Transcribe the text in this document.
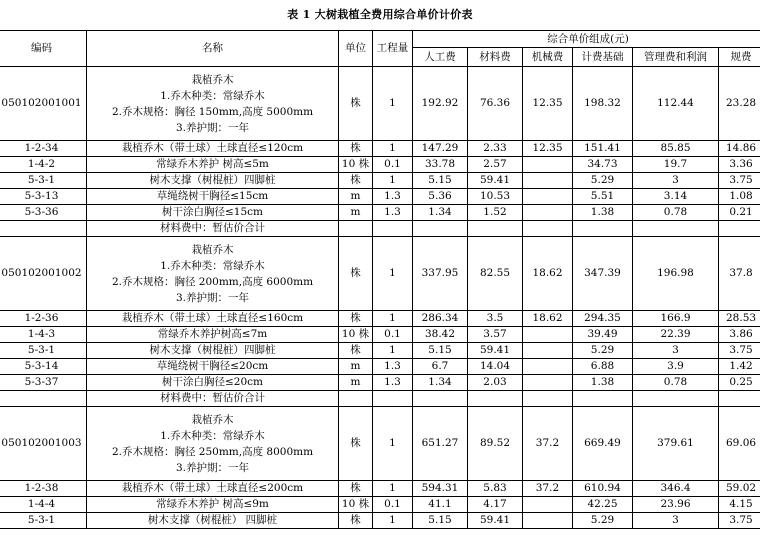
表 1 大树栽植全费用综合单价计价表
编码	名称	单位	工程量	综合单价组成(元)					
				人工费	材料费	机械费	计费基础	管理费和利润	规费
050102001001	栽植乔木
1.乔木种类：常绿乔木
2.乔木规格：胸径 150mm,高度 5000mm
3.养护期：一年	株	1	192.92	76.36	12.35	198.32	112.44	23.28
1-2-34	栽植乔木（带土球）土球直径≤120cm	株	1	147.29	2.33	12.35	151.41	85.85	14.86
1-4-2	常绿乔木养护 树高≤5m	10 株	0.1	33.78	2.57		34.73	19.7	3.36
5-3-1	树木支撑（树棍桩）四脚桩	株	1	5.15	59.41		5.29	3	3.75
5-3-13	草绳绕树干胸径≤15cm	m	1.3	5.36	10.53		5.51	3.14	1.08
5-3-36	树干涂白胸径≤15cm	m	1.3	1.34	1.52		1.38	0.78	0.21
	材料费中：暂估价合计								
050102001002	栽植乔木
1.乔木种类：常绿乔木
2.乔木规格：胸径 200mm,高度 6000mm
3.养护期：一年	株	1	337.95	82.55	18.62	347.39	196.98	37.8
1-2-36	栽植乔木（带土球）土球直径≤160cm	株	1	286.34	3.5	18.62	294.35	166.9	28.53
1-4-3	常绿乔木养护树高≤7m	10 株	0.1	38.42	3.57		39.49	22.39	3.86
5-3-1	树木支撑（树棍桩）四脚桩	株	1	5.15	59.41		5.29	3	3.75
5-3-14	草绳绕树干胸径≤20cm	m	1.3	6.7	14.04		6.88	3.9	1.42
5-3-37	树干涂白胸径≤20cm	m	1.3	1.34	2.03		1.38	0.78	0.25
	材料费中：暂估价合计								
050102001003	栽植乔木
1.乔木种类：常绿乔木
2.乔木规格：胸径 250mm,高度 8000mm
3.养护期：一年	株	1	651.27	89.52	37.2	669.49	379.61	69.06
1-2-38	栽植乔木（带土球）土球直径≤200cm	株	1	594.31	5.83	37.2	610.94	346.4	59.02
1-4-4	常绿乔木养护 树高≤9m	10 株	0.1	41.1	4.17		42.25	23.96	4.15
5-3-1	树木支撑（树棍桩） 四脚桩	株	1	5.15	59.41		5.29	3	3.75
